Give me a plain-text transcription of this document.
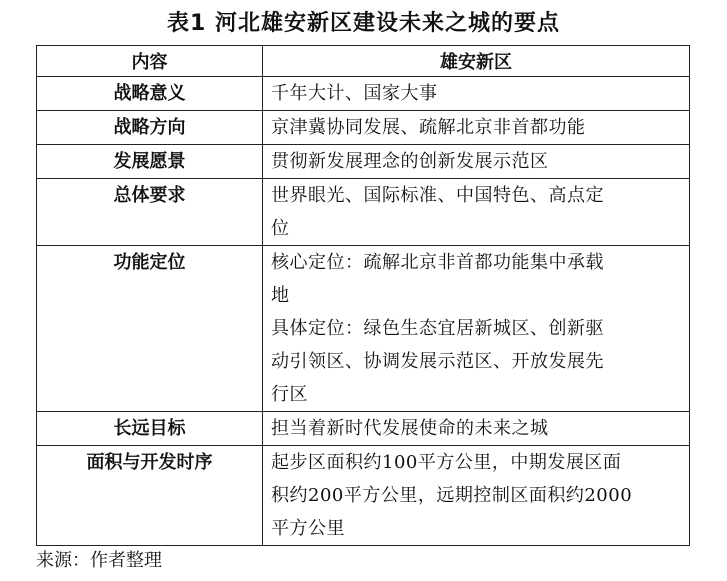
表1 河北雄安新区建设未来之城的要点
内容	雄安新区
战略意义	千年大计、国家大事

战略方向	京津冀协同发展、疏解北京非首都功能

发展愿景	贯彻新发展理念的创新发展示范区

总体要求	世界眼光、国际标准、中国特色、高点定
位

功能定位	核心定位：疏解北京非首都功能集中承载
地
具体定位：绿色生态宜居新城区、创新驱
动引领区、协调发展示范区、开放发展先
行区

长远目标	担当着新时代发展使命的未来之城

面积与开发时序	起步区面积约100平方公里，中期发展区面
积约200平方公里，远期控制区面积约2000
平方公里
来源：作者整理
